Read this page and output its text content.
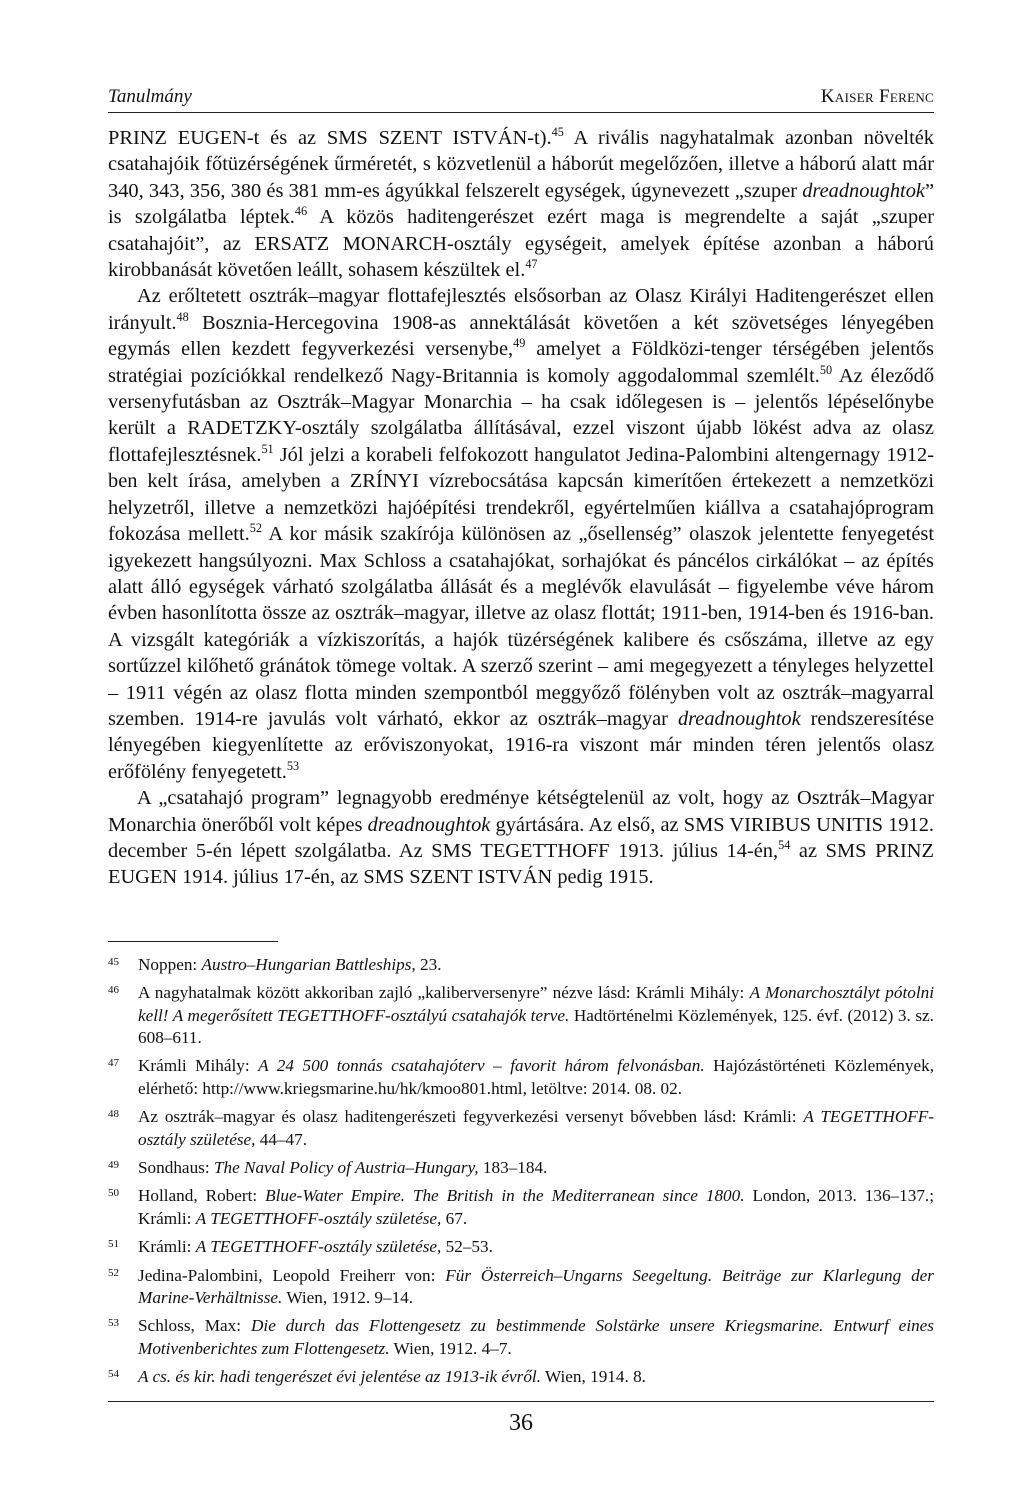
Tanulmány	Kaiser Ferenc

PRINZ EUGEN-t és az SMS SZENT ISTVÁN-t).$^{45}$ A rivális nagyhatalmak azonban növelték csatahajóik főtüzérségének űrméretét, s közvetlenül a háborút megelőzően, illetve a háború alatt már 340, 343, 356, 380 és 381 mm-es ágyúkkal felszerelt egységek, úgynevezett „szuper dreadnoughtok” is szolgálatba léptek.$^{46}$ A közös haditengerészet ezért maga is megrendelte a saját „szuper csatahajóit”, az ERSATZ MONARCH-osztály egységeit, amelyek építése azonban a háború kirobbanását követően leállt, sohasem készültek el.$^{47}$

Az erőltetett osztrák–magyar flottafejlesztés elsősorban az Olasz Királyi Haditengerészet ellen irányult.$^{48}$ Bosznia-Hercegovina 1908-as annektálását követően a két szövetséges lényegében egymás ellen kezdett fegyverkezési versenybe,$^{49}$ amelyet a Földközi-tenger térségében jelentős stratégiai pozíciókkal rendelkező Nagy-Britannia is komoly aggodalommal szemlélt.$^{50}$ Az éleződő versenyfutásban az Osztrák–Magyar Monarchia – ha csak időlegesen is – jelentős lépéselőnybe került a RADETZKY-osztály szolgálatba állításával, ezzel viszont újabb lökést adva az olasz flottafejlesztésnek.$^{51}$ Jól jelzi a korabeli felfokozott hangulatot Jedina-Palombini altengernagy 1912-ben kelt írása, amelyben a ZRÍNYI vízrebocsátása kapcsán kimerítően értekezett a nemzetközi helyzetről, illetve a nemzetközi hajóépítési trendekről, egyértelműen kiállva a csatahajóprogram fokozása mellett.$^{52}$ A kor másik szakírója különösen az „ősellenség” olaszok jelentette fenyegetést igyekezett hangsúlyozni. Max Schloss a csatahajókat, sorhajókat és páncélos cirkálókat – az építés alatt álló egységek várható szolgálatba állását és a meglévők elavulását – figyelembe véve három évben hasonlította össze az osztrák–magyar, illetve az olasz flottát; 1911-ben, 1914-ben és 1916-ban. A vizsgált kategóriák a vízkiszorítás, a hajók tüzérségének kalibere és csőszáma, illetve az egy sortűzzel kilőhető gránátok tömege voltak. A szerző szerint – ami megegyezett a tényleges helyzettel – 1911 végén az olasz flotta minden szempontból meggyőző fölényben volt az osztrák–magyarral szemben. 1914-re javulás volt várható, ekkor az osztrák–magyar dreadnoughtok rendszeresítése lényegében kiegyenlítette az erőviszonyokat, 1916-ra viszont már minden téren jelentős olasz erőfölény fenyegetett.$^{53}$

A „csatahajó program” legnagyobb eredménye kétségtelenül az volt, hogy az Osztrák–Magyar Monarchia önerőből volt képes dreadnoughtok gyártására. Az első, az SMS VIRIBUS UNITIS 1912. december 5-én lépett szolgálatba. Az SMS TEGETTHOFF 1913. július 14-én,$^{54}$ az SMS PRINZ EUGEN 1914. július 17-én, az SMS SZENT ISTVÁN pedig 1915.

45	Noppen: Austro–Hungarian Battleships, 23.
46	A nagyhatalmak között akkoriban zajló „kaliberversenyre” nézve lásd: Krámli Mihály: A Monarchosztályt pótolni kell! A megerősített TEGETTHOFF-osztályú csatahajók terve. Hadtörténelmi Közlemények, 125. évf. (2012) 3. sz. 608–611.
47	Krámli Mihály: A 24 500 tonnás csatahajóterv – favorit három felvonásban. Hajózástörténeti Közlemények, elérhető: http://www.kriegsmarine.hu/hk/kmoo801.html, letöltve: 2014. 08. 02.
48	Az osztrák–magyar és olasz haditengerészeti fegyverkezési versenyt bővebben lásd: Krámli: A TEGETTHOFF-osztály születése, 44–47.
49	Sondhaus: The Naval Policy of Austria–Hungary, 183–184.
50	Holland, Robert: Blue-Water Empire. The British in the Mediterranean since 1800. London, 2013. 136–137.; Krámli: A TEGETTHOFF-osztály születése, 67.
51	Krámli: A TEGETTHOFF-osztály születése, 52–53.
52	Jedina-Palombini, Leopold Freiherr von: Für Österreich–Ungarns Seegeltung. Beiträge zur Klarlegung der Marine-Verhältnisse. Wien, 1912. 9–14.
53	Schloss, Max: Die durch das Flottengesetz zu bestimmende Solstärke unsere Kriegsmarine. Entwurf eines Motivenberichtes zum Flottengesetz. Wien, 1912. 4–7.
54	A cs. és kir. hadi tengerészet évi jelentése az 1913-ik évről. Wien, 1914. 8.
36
